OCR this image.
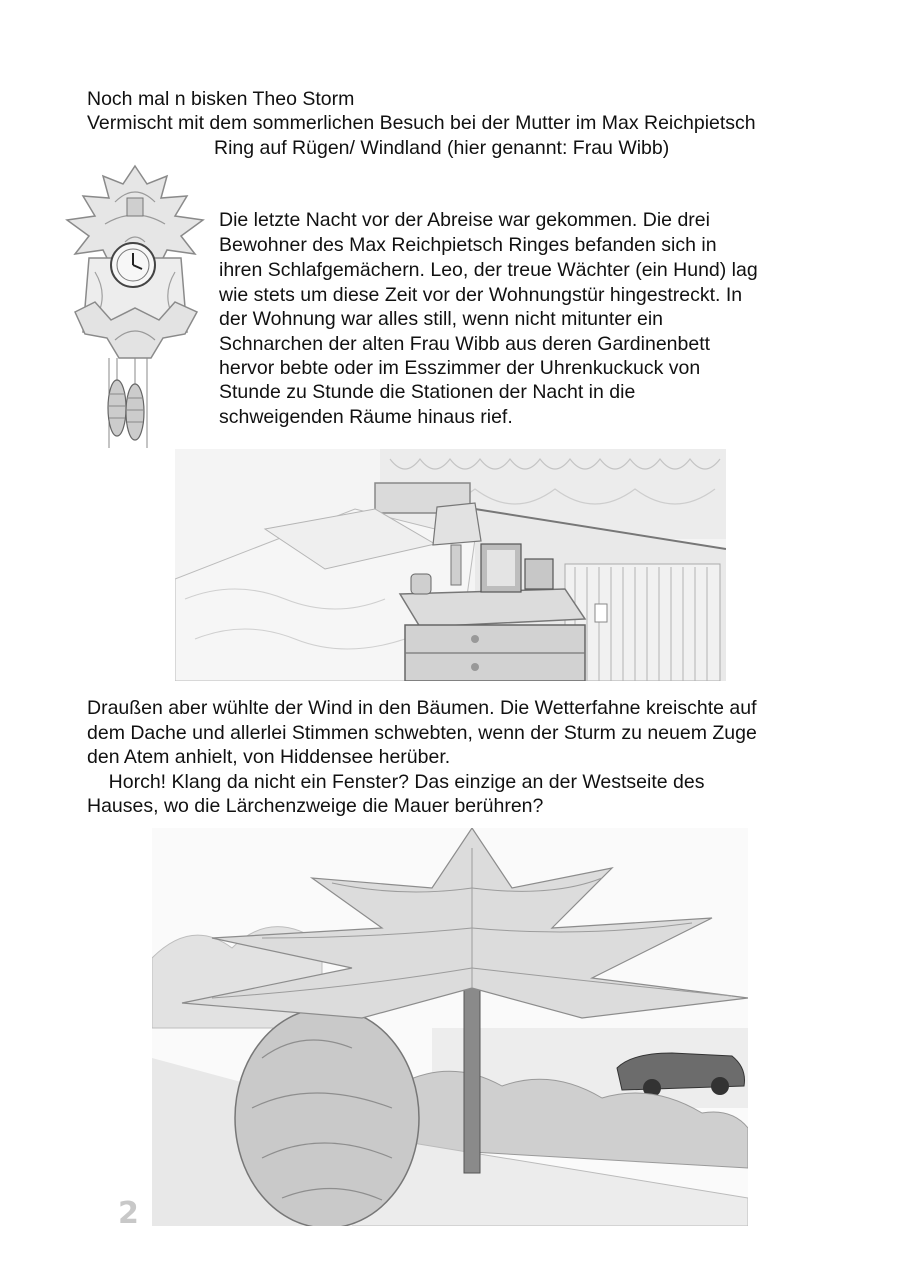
Noch mal n bisken Theo Storm
Vermischt mit dem sommerlichen Besuch bei der Mutter im Max Reichpietsch
Ring auf Rügen/ Windland (hier genannt: Frau Wibb)
Die letzte Nacht vor der Abreise war gekommen. Die drei
Bewohner des Max Reichpietsch Ringes befanden sich in
ihren Schlafgemächern. Leo, der treue Wächter (ein Hund) lag
wie stets um diese Zeit vor der Wohnungstür hingestreckt. In
der Wohnung war alles still, wenn nicht mitunter ein
Schnarchen der alten Frau Wibb aus deren Gardinenbett
hervor bebte oder im Esszimmer der Uhrenkuckuck von
Stunde zu Stunde die Stationen der Nacht in die
schweigenden Räume hinaus rief.
Draußen aber wühlte der Wind in den Bäumen. Die Wetterfahne kreischte auf
dem Dache und allerlei Stimmen schwebten, wenn der Sturm zu neuem Zuge
den Atem anhielt, von Hiddensee herüber.
Horch! Klang da nicht ein Fenster? Das einzige an der Westseite des
Hauses, wo die Lärchenzweige die Mauer berühren?
2
